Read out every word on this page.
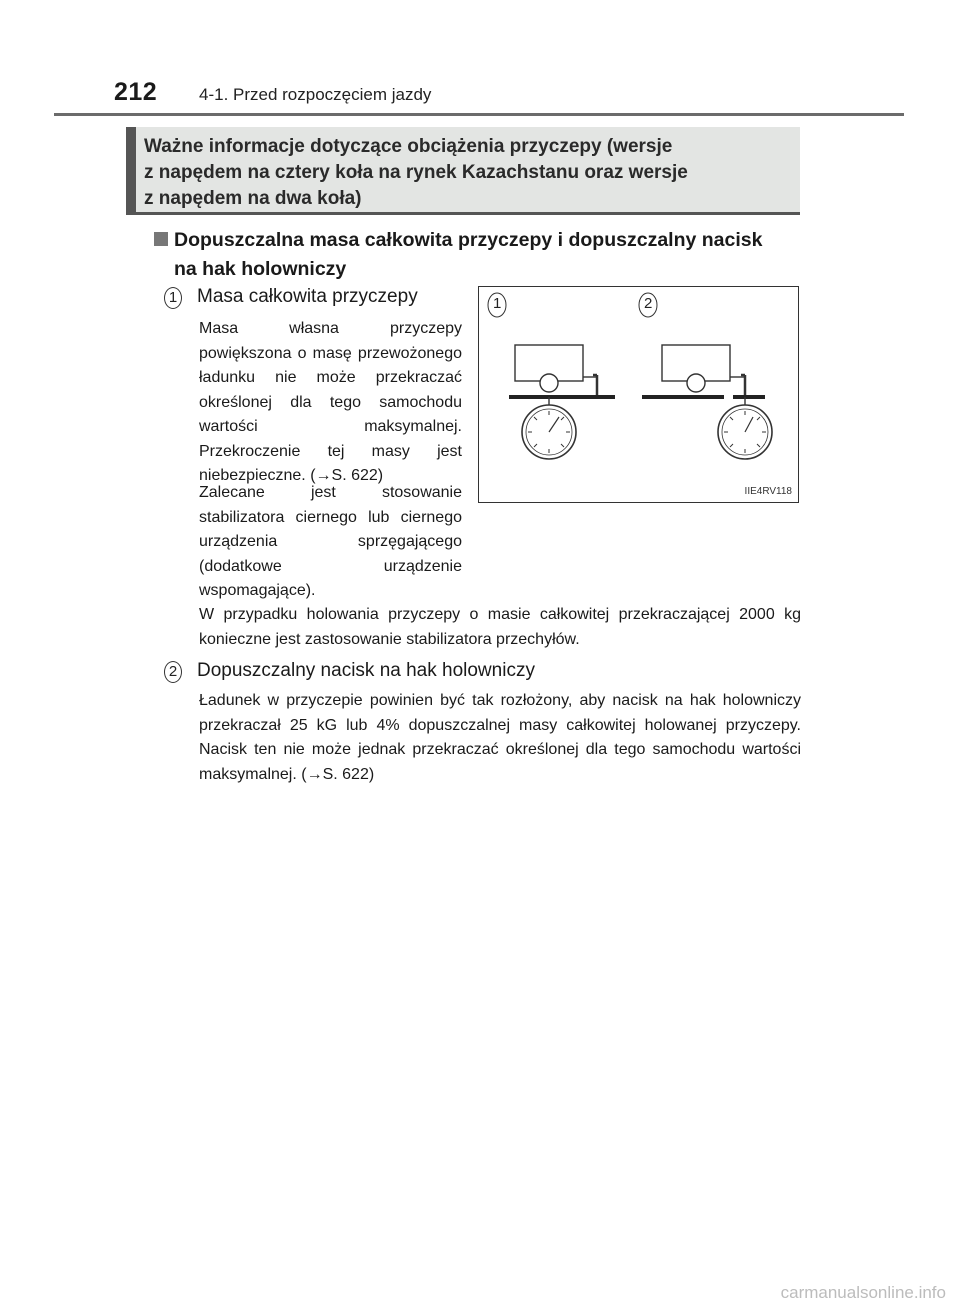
212 4-1. Przed rozpoczęciem jazdy
Ważne informacje dotyczące obciążenia przyczepy (wersje
z napędem na cztery koła na rynek Kazachstanu oraz wersje
z napędem na dwa koła)
Dopuszczalna masa całkowita przyczepy i dopuszczalny nacisk
na hak holowniczy
1 Masa całkowita przyczepy
Masa własna przyczepy powiększona o masę przewożonego ładunku nie może przekraczać określonej dla tego samochodu wartości maksymalnej. Przekroczenie tej masy jest niebezpieczne. (→S. 622)
Zalecane jest stosowanie stabilizatora ciernego lub ciernego urządzenia sprzęgającego (dodatkowe urządzenie wspomagające).
W przypadku holowania przyczepy o masie całkowitej przekraczającej 2000 kg konieczne jest zastosowanie stabilizatora przechyłów.
2 Dopuszczalny nacisk na hak holowniczy
Ładunek w przyczepie powinien być tak rozłożony, aby nacisk na hak holowniczy przekraczał 25 kG lub 4% dopuszczalnej masy całkowitej holowanej przyczepy. Nacisk ten nie może jednak przekraczać określonej dla tego samochodu wartości maksymalnej. (→S. 622)
1	2
IIE4RV118
carmanualsonline.info
